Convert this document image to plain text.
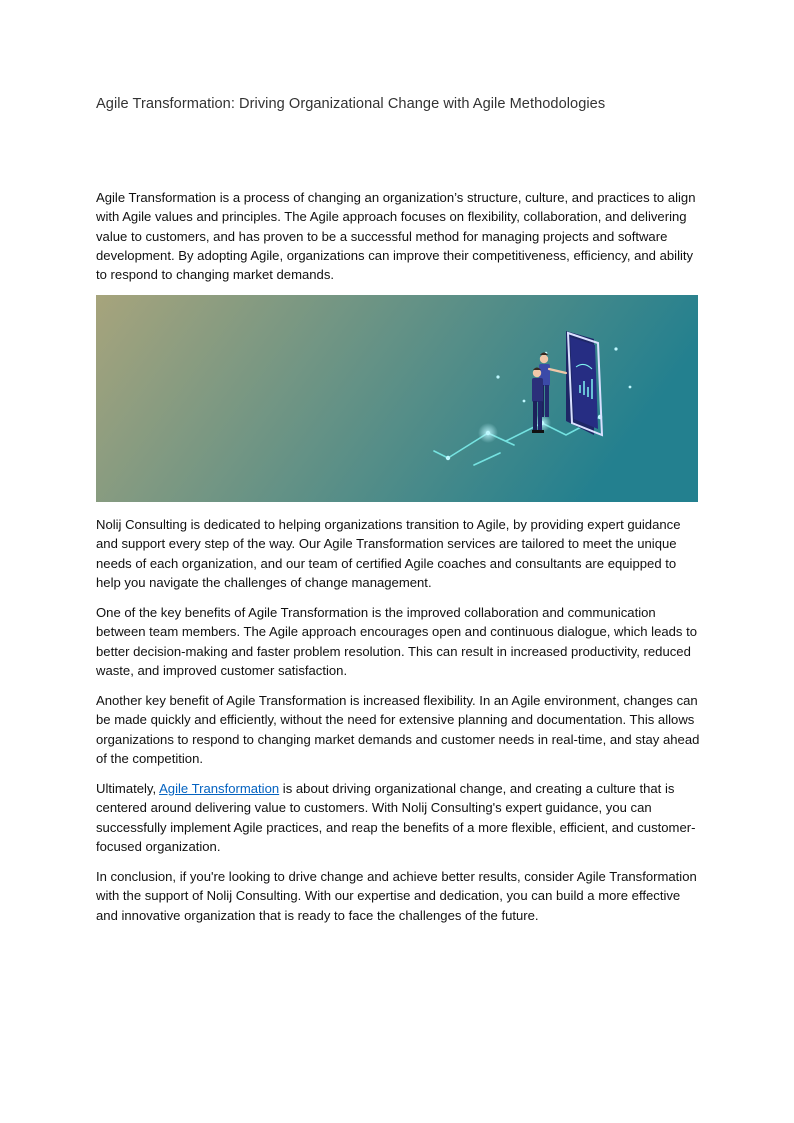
Agile Transformation: Driving Organizational Change with Agile Methodologies

Agile Transformation is a process of changing an organization’s structure, culture, and practices to align with Agile values and principles. The Agile approach focuses on flexibility, collaboration, and delivering value to customers, and has proven to be a successful method for managing projects and software development. By adopting Agile, organizations can improve their competitiveness, efficiency, and ability to respond to changing market demands.

Nolij Consulting is dedicated to helping organizations transition to Agile, by providing expert guidance and support every step of the way. Our Agile Transformation services are tailored to meet the unique needs of each organization, and our team of certified Agile coaches and consultants are equipped to help you navigate the challenges of change management.

One of the key benefits of Agile Transformation is the improved collaboration and communication between team members. The Agile approach encourages open and continuous dialogue, which leads to better decision-making and faster problem resolution. This can result in increased productivity, reduced waste, and improved customer satisfaction.

Another key benefit of Agile Transformation is increased flexibility. In an Agile environment, changes can be made quickly and efficiently, without the need for extensive planning and documentation. This allows organizations to respond to changing market demands and customer needs in real-time, and stay ahead of the competition.

Ultimately, Agile Transformation is about driving organizational change, and creating a culture that is centered around delivering value to customers. With Nolij Consulting's expert guidance, you can successfully implement Agile practices, and reap the benefits of a more flexible, efficient, and customer-focused organization.

In conclusion, if you're looking to drive change and achieve better results, consider Agile Transformation with the support of Nolij Consulting. With our expertise and dedication, you can build a more effective and innovative organization that is ready to face the challenges of the future.
